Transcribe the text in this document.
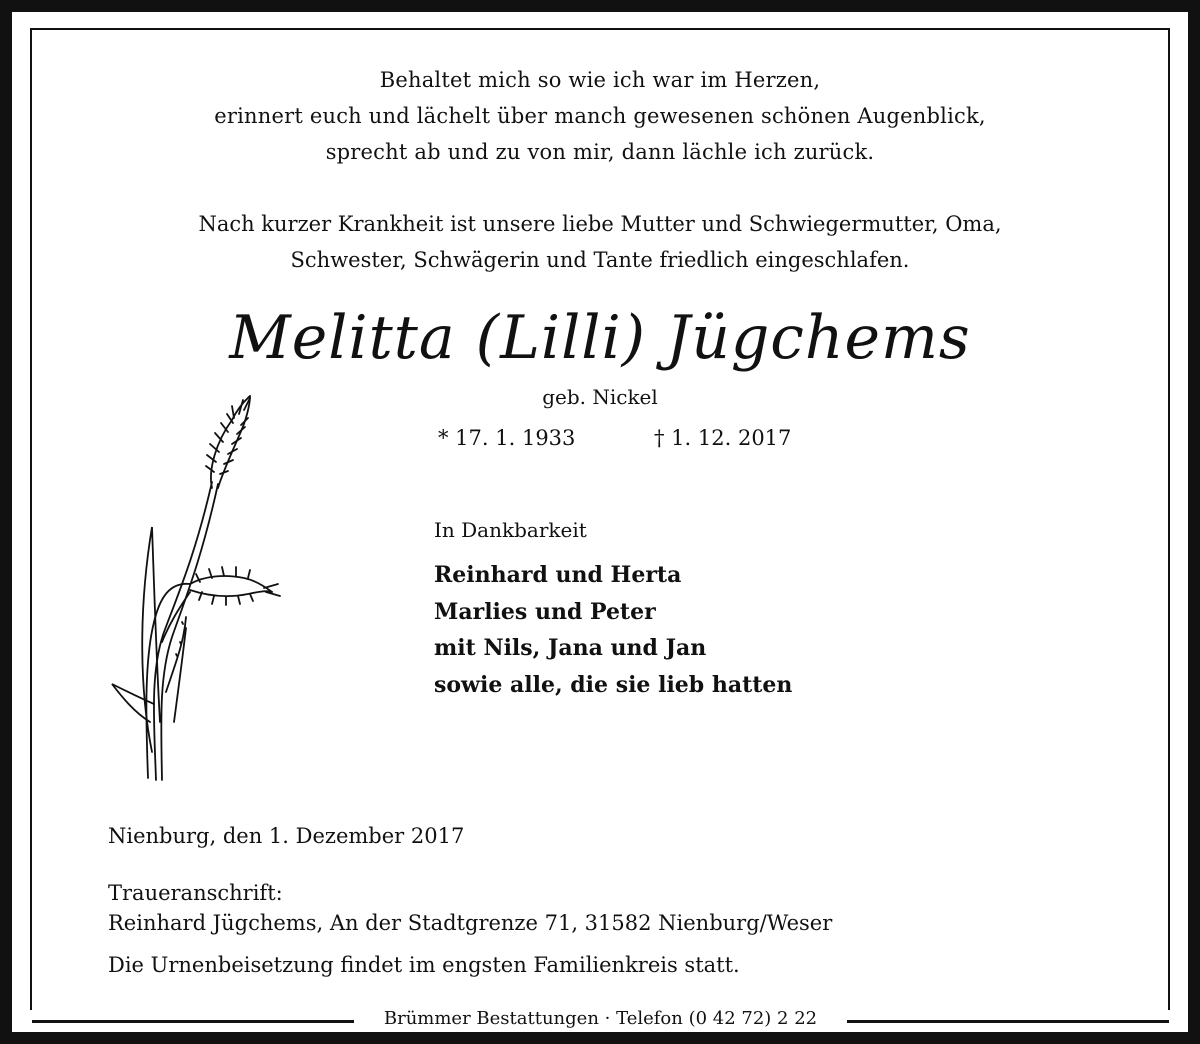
Behaltet mich so wie ich war im Herzen,
erinnert euch und lächelt über manch gewesenen schönen Augenblick,
sprecht ab und zu von mir, dann lächle ich zurück.
Nach kurzer Krankheit ist unsere liebe Mutter und Schwiegermutter, Oma,
Schwester, Schwägerin und Tante friedlich eingeschlafen.
Melitta (Lilli) Jügchems
geb. Nickel
* 17. 1. 1933	† 1. 12. 2017
In Dankbarkeit
Reinhard und Herta
Marlies und Peter
mit Nils, Jana und Jan
sowie alle, die sie lieb hatten
Nienburg, den 1. Dezember 2017
Traueranschrift:
Reinhard Jügchems, An der Stadtgrenze 71, 31582 Nienburg/Weser
Die Urnenbeisetzung findet im engsten Familienkreis statt.
Brümmer Bestattungen · Telefon (0 42 72) 2 22
